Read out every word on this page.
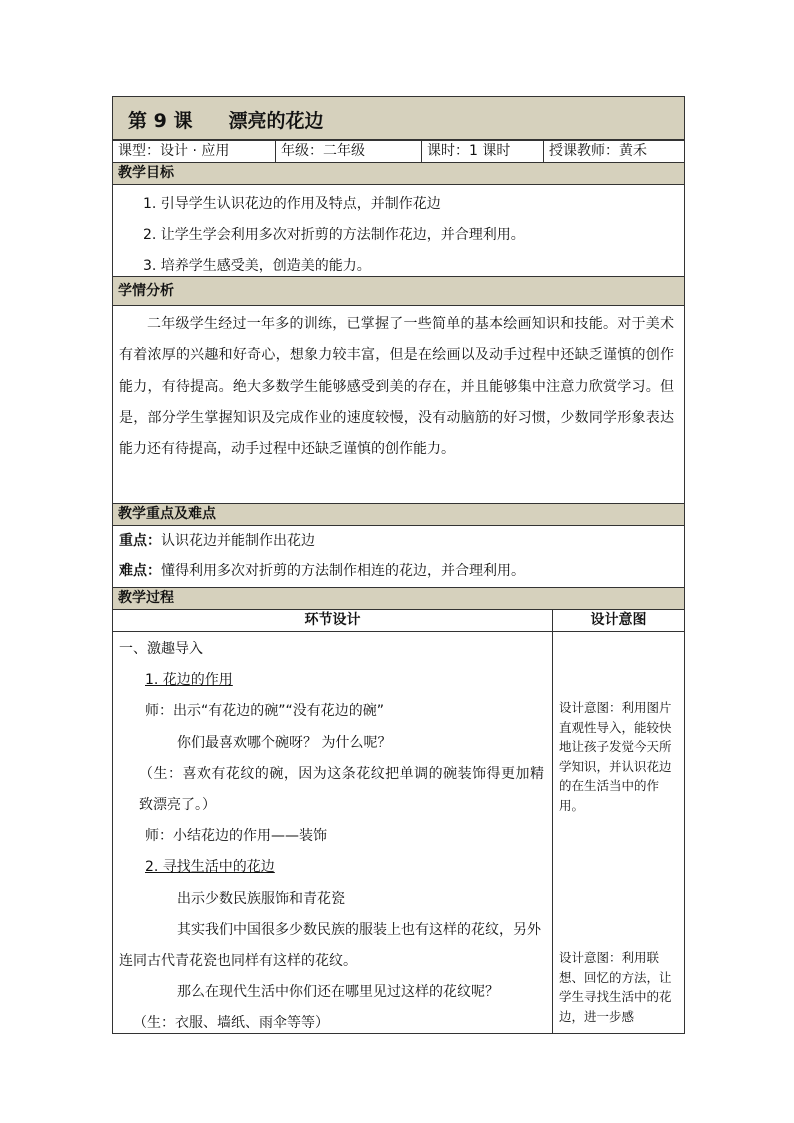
第 9 课 漂亮的花边
课型：设计 · 应用	年级：二年级	课时：1 课时	授课教师：黄禾
教学目标
1. 引导学生认识花边的作用及特点，并制作花边
2. 让学生学会利用多次对折剪的方法制作花边，并合理利用。
3. 培养学生感受美，创造美的能力。
学情分析
二年级学生经过一年多的训练，已掌握了一些简单的基本绘画知识和技能。对于美术有着浓厚的兴趣和好奇心，想象力较丰富，但是在绘画以及动手过程中还缺乏谨慎的创作能力，有待提高。绝大多数学生能够感受到美的存在，并且能够集中注意力欣赏学习。但是，部分学生掌握知识及完成作业的速度较慢，没有动脑筋的好习惯，少数同学形象表达能力还有待提高，动手过程中还缺乏谨慎的创作能力。
教学重点及难点
重点：认识花边并能制作出花边
难点：懂得利用多次对折剪的方法制作相连的花边，并合理利用。
教学过程
环节设计	设计意图
一、激趣导入
1. 花边的作用
师：出示“有花边的碗”“没有花边的碗”
你们最喜欢哪个碗呀？ 为什么呢？
（生：喜欢有花纹的碗，因为这条花纹把单调的碗装饰得更加精致漂亮了。）
师：小结花边的作用——装饰
2. 寻找生活中的花边
出示少数民族服饰和青花瓷
其实我们中国很多少数民族的服装上也有这样的花纹，另外连同古代青花瓷也同样有这样的花纹。
那么在现代生活中你们还在哪里见过这样的花纹呢？
（生：衣服、墙纸、雨伞等等）
设计意图：利用图片直观性导入，能较快地让孩子发觉今天所学知识，并认识花边的在生活当中的作用。
设计意图：利用联想、回忆的方法，让学生寻找生活中的花边，进一步感
